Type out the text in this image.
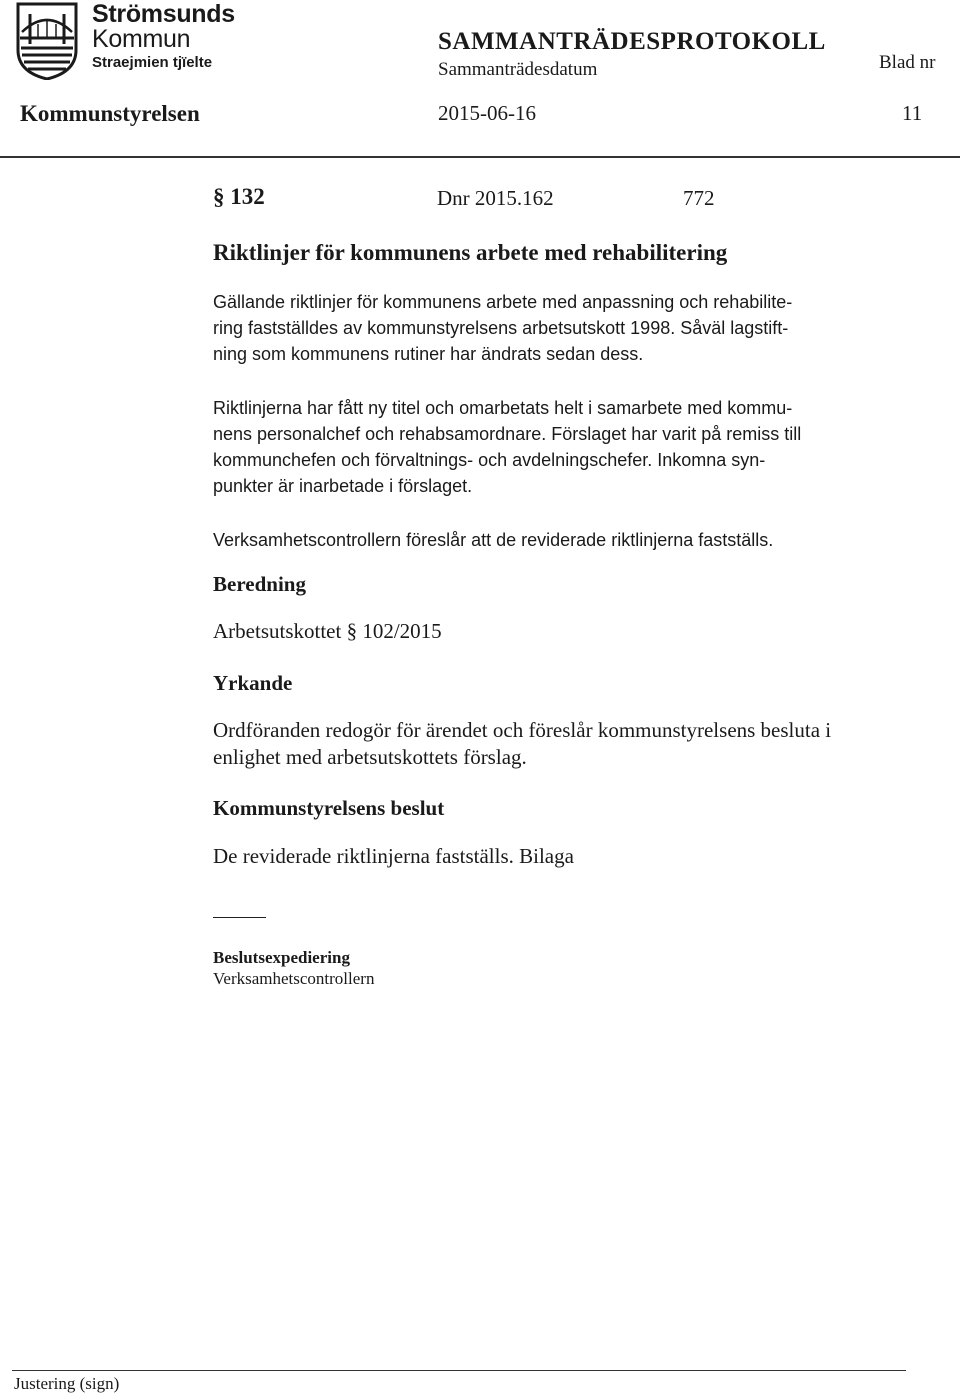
Strömsunds
Kommun
Straejmien tjïelte
SAMMANTRÄDESPROTOKOLL
Sammanträdesdatum	Blad nr
Kommunstyrelsen	2015-06-16	11
§ 132	Dnr 2015.162	772
Riktlinjer för kommunens arbete med rehabilitering
Gällande riktlinjer för kommunens arbete med anpassning och rehabilite-
ring fastställdes av kommunstyrelsens arbetsutskott 1998. Såväl lagstift-
ning som kommunens rutiner har ändrats sedan dess.
Riktlinjerna har fått ny titel och omarbetats helt i samarbete med kommu-
nens personalchef och rehabsamordnare. Förslaget har varit på remiss till
kommunchefen och förvaltnings- och avdelningschefer. Inkomna syn-
punkter är inarbetade i förslaget.
Verksamhetscontrollern föreslår att de reviderade riktlinjerna fastställs.
Beredning
Arbetsutskottet § 102/2015
Yrkande
Ordföranden redogör för ärendet och föreslår kommunstyrelsens besluta i
enlighet med arbetsutskottets förslag.
Kommunstyrelsens beslut
De reviderade riktlinjerna fastställs. Bilaga
Beslutsexpediering
Verksamhetscontrollern
Justering (sign)
